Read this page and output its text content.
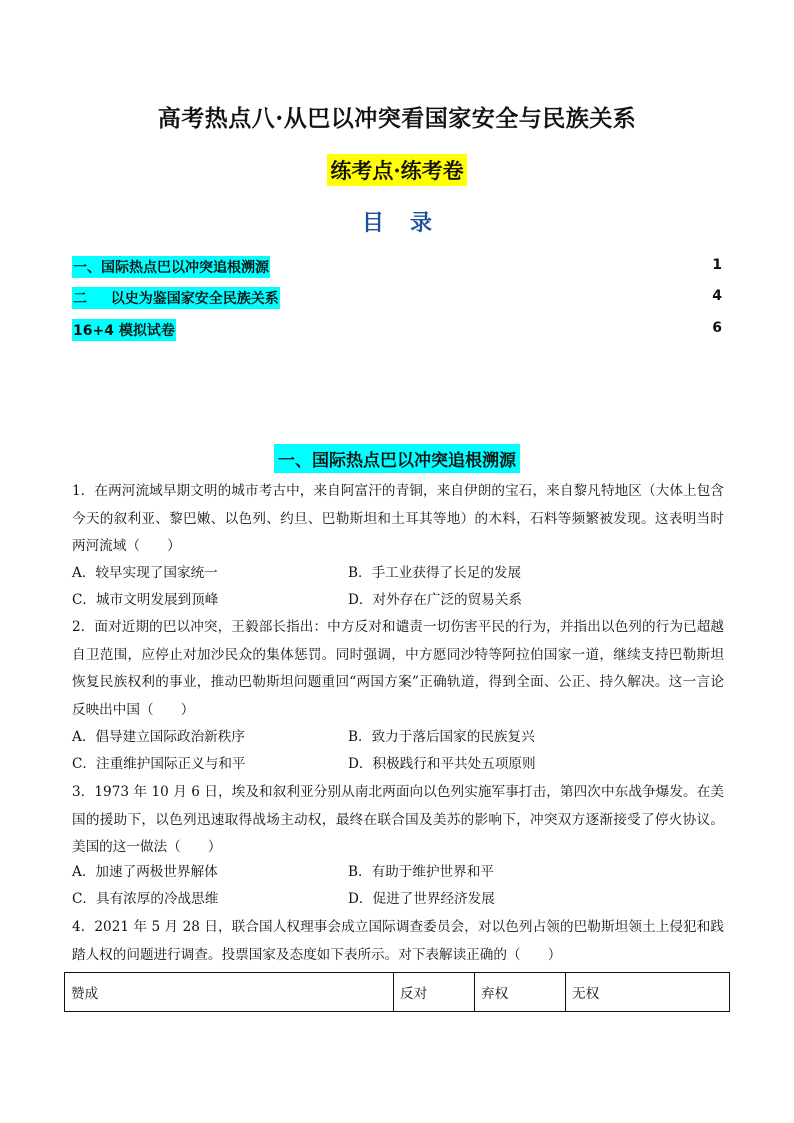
高考热点八·从巴以冲突看国家安全与民族关系
练考点·练考卷
目录
一、国际热点巴以冲突追根溯源	1
二　  以史为鉴国家安全民族关系	4
16+4 模拟试卷	6
一、国际热点巴以冲突追根溯源
1．在两河流域早期文明的城市考古中，来自阿富汗的青铜，来自伊朗的宝石，来自黎凡特地区（大体上包含今天的叙利亚、黎巴嫩、以色列、约旦、巴勒斯坦和土耳其等地）的木料，石料等频繁被发现。这表明当时两河流域（　　）
A．较早实现了国家统一	B．手工业获得了长足的发展
C．城市文明发展到顶峰	D．对外存在广泛的贸易关系
2．面对近期的巴以冲突，王毅部长指出：中方反对和谴责一切伤害平民的行为，并指出以色列的行为已超越自卫范围，应停止对加沙民众的集体惩罚。同时强调，中方愿同沙特等阿拉伯国家一道，继续支持巴勒斯坦恢复民族权利的事业，推动巴勒斯坦问题重回“两国方案”正确轨道，得到全面、公正、持久解决。这一言论反映出中国（　　）
A．倡导建立国际政治新秩序	B．致力于落后国家的民族复兴
C．注重维护国际正义与和平	D．积极践行和平共处五项原则
3．1973 年 10 月 6 日，埃及和叙利亚分别从南北两面向以色列实施军事打击，第四次中东战争爆发。在美国的援助下，以色列迅速取得战场主动权，最终在联合国及美苏的影响下，冲突双方逐渐接受了停火协议。美国的这一做法（　　）
A．加速了两极世界解体	B．有助于维护世界和平
C．具有浓厚的冷战思维	D．促进了世界经济发展
4．2021 年 5 月 28 日，联合国人权理事会成立国际调查委员会，对以色列占领的巴勒斯坦领土上侵犯和践踏人权的问题进行调查。投票国家及态度如下表所示。对下表解读正确的（　　）
赞成	反对	弃权	无权
